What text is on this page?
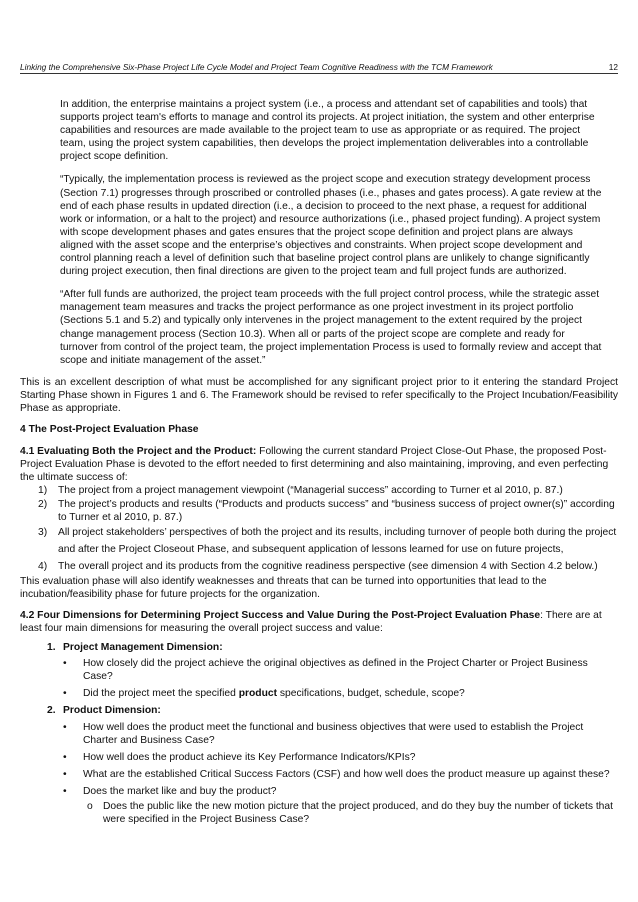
Linking the Comprehensive Six-Phase Project Life Cycle Model and Project Team Cognitive Readiness with the TCM Framework	12

In addition, the enterprise maintains a project system (i.e., a process and attendant set of capabilities and tools) that supports project team's efforts to manage and control its projects. At project initiation, the system and other enterprise capabilities and resources are made available to the project team to use as appropriate or as required. The project team, using the project system capabilities, then develops the project implementation deliverables into a controllable project scope definition.

“Typically, the implementation process is reviewed as the project scope and execution strategy development process (Section 7.1) progresses through proscribed or controlled phases (i.e., phases and gates process). A gate review at the end of each phase results in updated direction (i.e., a decision to proceed to the next phase, a request for additional work or information, or a halt to the project) and resource authorizations (i.e., phased project funding). A project system with scope development phases and gates ensures that the project scope definition and project plans are always aligned with the asset scope and the enterprise’s objectives and constraints. When project scope development and control planning reach a level of definition such that baseline project control plans are unlikely to change significantly during project execution, then final directions are given to the project team and full project funds are authorized.

“After full funds are authorized, the project team proceeds with the full project control process, while the strategic asset management team measures and tracks the project performance as one project investment in its project portfolio (Sections 5.1 and 5.2) and typically only intervenes in the project management to the extent required by the project change management process (Section 10.3). When all or parts of the project scope are complete and ready for turnover from control of the project team, the project implementation Process is used to formally review and accept that scope and initiate management of the asset.”

This is an excellent description of what must be accomplished for any significant project prior to it entering the standard Project Starting Phase shown in Figures 1 and 6. The Framework should be revised to refer specifically to the Project Incubation/Feasibility Phase as appropriate.

4 The Post-Project Evaluation Phase

4.1 Evaluating Both the Project and the Product: Following the current standard Project Close-Out Phase, the proposed Post-Project Evaluation Phase is devoted to the effort needed to first determining and also maintaining, improving, and even perfecting the ultimate success of:

1) The project from a project management viewpoint (“Managerial success” according to Turner et al 2010, p. 87.)
2) The project’s products and results (“Products and products success” and “business success of project owner(s)” according to Turner et al 2010, p. 87.)
3) All project stakeholders’ perspectives of both the project and its results, including turnover of people both during the project and after the Project Closeout Phase, and subsequent application of lessons learned for use on future projects,
4) The overall project and its products from the cognitive readiness perspective (see dimension 4 with Section 4.2 below.)

This evaluation phase will also identify weaknesses and threats that can be turned into opportunities that lead to the incubation/feasibility phase for future projects for the organization.

4.2 Four Dimensions for Determining Project Success and Value During the Post-Project Evaluation Phase: There are at least four main dimensions for measuring the overall project success and value:

1. Project Management Dimension:
• How closely did the project achieve the original objectives as defined in the Project Charter or Project Business Case?
• Did the project meet the specified product specifications, budget, schedule, scope?
2. Product Dimension:
• How well does the product meet the functional and business objectives that were used to establish the Project Charter and Business Case?
• How well does the product achieve its Key Performance Indicators/KPIs?
• What are the established Critical Success Factors (CSF) and how well does the product measure up against these?
• Does the market like and buy the product?
o Does the public like the new motion picture that the project produced, and do they buy the number of tickets that were specified in the Project Business Case?
